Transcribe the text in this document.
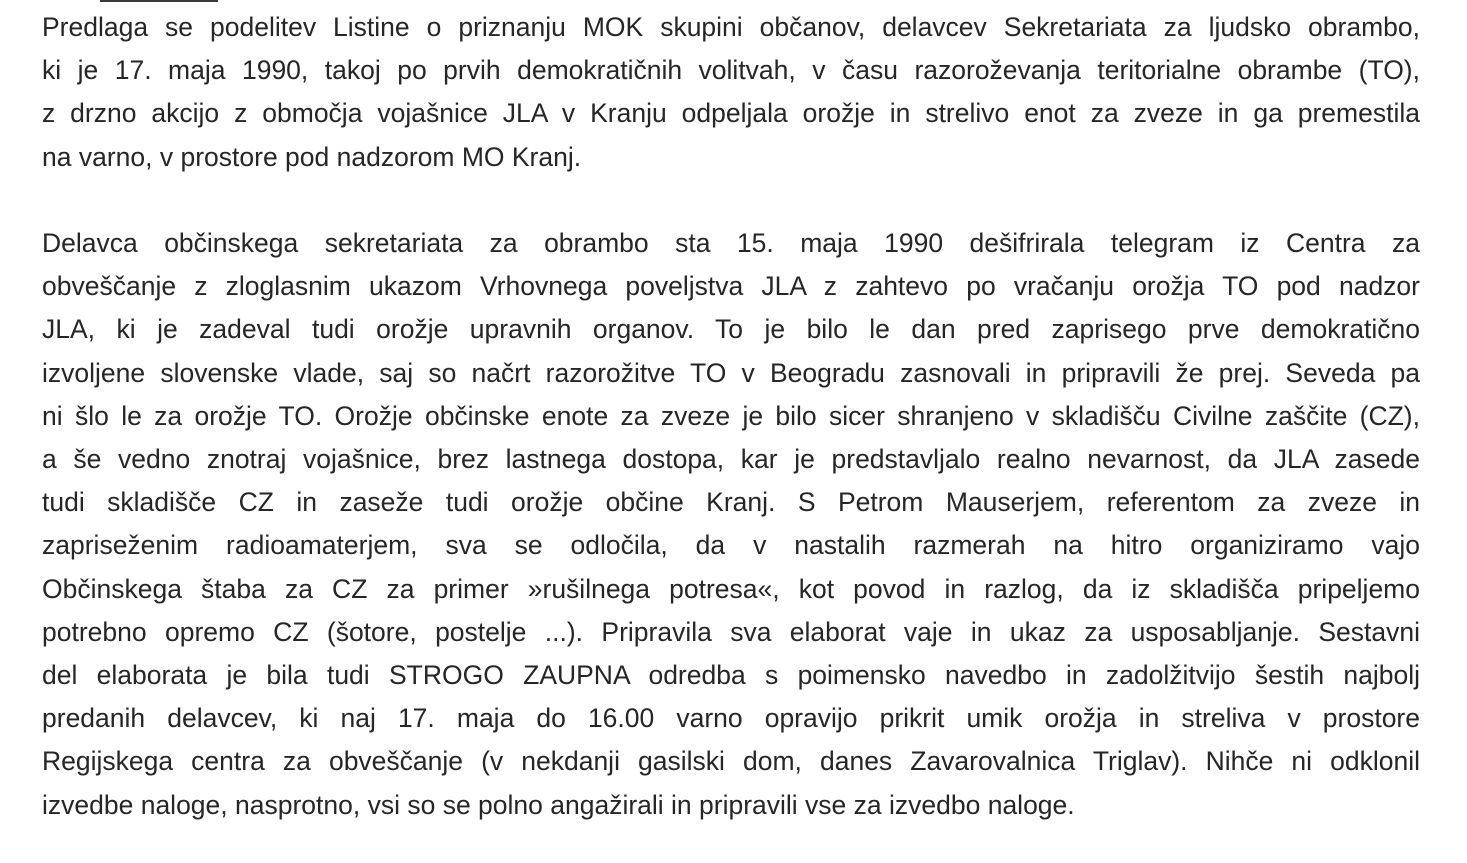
Predlaga se podelitev Listine o priznanju MOK skupini občanov, delavcev Sekretariata za ljudsko obrambo,
ki je 17. maja 1990, takoj po prvih demokratičnih volitvah, v času razoroževanja teritorialne obrambe (TO),
z drzno akcijo z območja vojašnice JLA v Kranju odpeljala orožje in strelivo enot za zveze in ga premestila
na varno, v prostore pod nadzorom MO Kranj.

Delavca občinskega sekretariata za obrambo sta 15. maja 1990 dešifrirala telegram iz Centra za
obveščanje z zloglasnim ukazom Vrhovnega poveljstva JLA z zahtevo po vračanju orožja TO pod nadzor
JLA, ki je zadeval tudi orožje upravnih organov. To je bilo le dan pred zaprisego prve demokratično
izvoljene slovenske vlade, saj so načrt razorožitve TO v Beogradu zasnovali in pripravili že prej. Seveda pa
ni šlo le za orožje TO. Orožje občinske enote za zveze je bilo sicer shranjeno v skladišču Civilne zaščite (CZ),
a še vedno znotraj vojašnice, brez lastnega dostopa, kar je predstavljalo realno nevarnost, da JLA zasede
tudi skladišče CZ in zaseže tudi orožje občine Kranj. S Petrom Mauserjem, referentom za zveze in
zapriseženim radioamaterjem, sva se odločila, da v nastalih razmerah na hitro organiziramo vajo
Občinskega štaba za CZ za primer »rušilnega potresa«, kot povod in razlog, da iz skladišča pripeljemo
potrebno opremo CZ (šotore, postelje ...). Pripravila sva elaborat vaje in ukaz za usposabljanje. Sestavni
del elaborata je bila tudi STROGO ZAUPNA odredba s poimensko navedbo in zadolžitvijo šestih najbolj
predanih delavcev, ki naj 17. maja do 16.00 varno opravijo prikrit umik orožja in streliva v prostore
Regijskega centra za obveščanje (v nekdanji gasilski dom, danes Zavarovalnica Triglav). Nihče ni odklonil
izvedbe naloge, nasprotno, vsi so se polno angažirali in pripravili vse za izvedbo naloge.
